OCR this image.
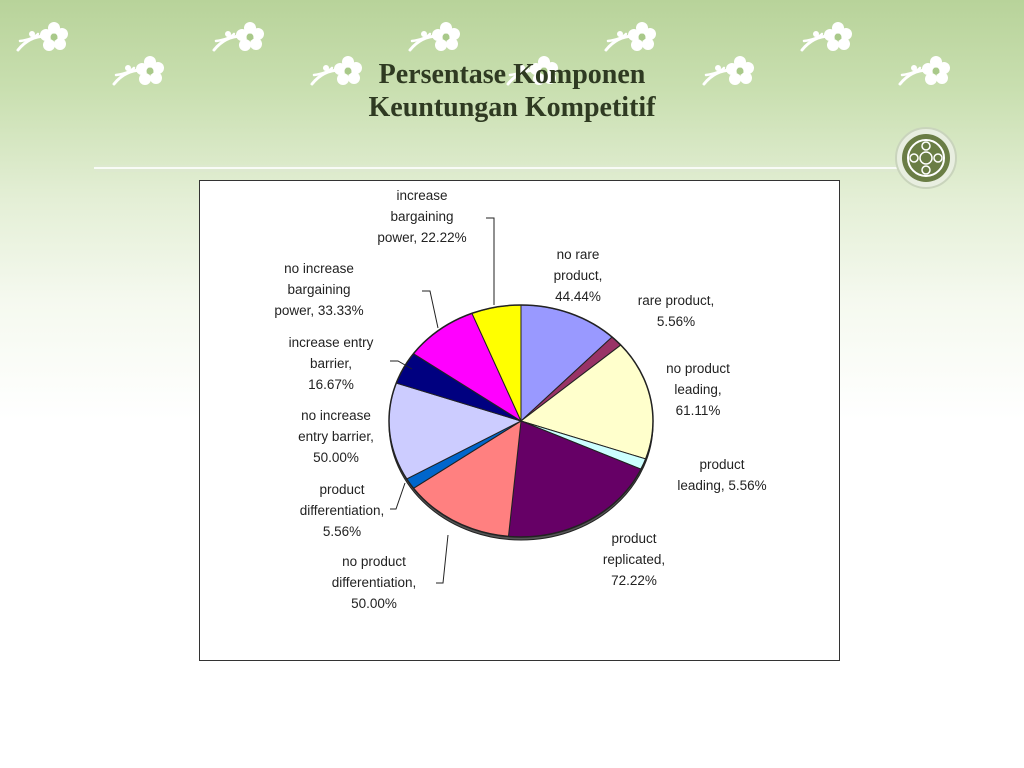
Persentase Komponen
Keuntungan Kompetitif
no rare product, 44.44%	rare product, 5.56%
no product leading, 61.11%
product leading, 5.56%
product replicated, 72.22%
no product differentiation, 50.00%
product differentiation, 5.56%
no increase entry barrier, 50.00%
increase entry barrier, 16.67%
no increase bargaining power, 33.33%
increase bargaining power, 22.22%
